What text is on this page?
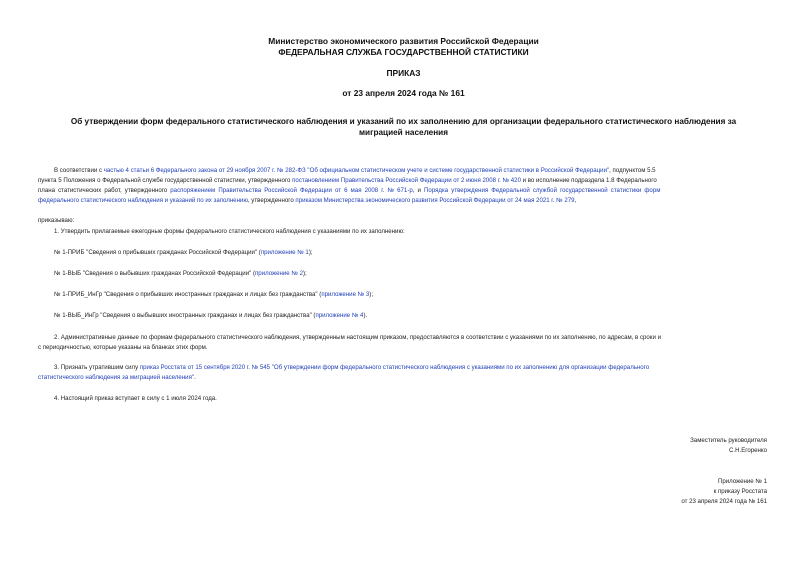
Министерство экономического развития Российской Федерации
ФЕДЕРАЛЬНАЯ СЛУЖБА ГОСУДАРСТВЕННОЙ СТАТИСТИКИ
ПРИКАЗ
от 23 апреля 2024 года № 161
Об утверждении форм федерального статистического наблюдения и указаний по их заполнению для организации федерального статистического наблюдения за
миграцией населения
В соответствии с частью 4 статьи 6 Федерального закона от 29 ноября 2007 г. № 282-ФЗ "Об официальном статистическом учете и системе государственной статистики в Российской Федерации", подпунктом 5.5
пункта 5 Положения о Федеральной службе государственной статистики, утвержденного постановлением Правительства Российской Федерации от 2 июня 2008 г. № 420 и во исполнение подраздела 1.8 Федерального
плана статистических работ, утвержденного распоряжением Правительства Российской Федерации от 6 мая 2008 г. № 671-р, и Порядка утверждения Федеральной службой государственной статистики форм
федерального статистического наблюдения и указаний по их заполнению, утвержденного приказом Министерства экономического развития Российской Федерации от 24 мая 2021 г. № 279,
приказываю:
1. Утвердить прилагаемые ежегодные формы федерального статистического наблюдения с указаниями по их заполнению:
№ 1-ПРИБ "Сведения о прибывших гражданах Российской Федерации" (приложение № 1);
№ 1-ВЫБ "Сведения о выбывших гражданах Российской Федерации" (приложение № 2);
№ 1-ПРИБ_ИнГр "Сведения о прибывших иностранных гражданах и лицах без гражданства" (приложение № 3);
№ 1-ВЫБ_ИнГр "Сведения о выбывших иностранных гражданах и лицах без гражданства" (приложение № 4).
2. Административные данные по формам федерального статистического наблюдения, утвержденным настоящим приказом, предоставляются в соответствии с указаниями по их заполнению, по адресам, в сроки и
с периодичностью, которые указаны на бланках этих форм.
3. Признать утратившим силу приказ Росстата от 15 сентября 2020 г. № 545 "Об утверждении форм федерального статистического наблюдения с указаниями по их заполнению для организации федерального
статистического наблюдения за миграцией населения".
4. Настоящий приказ вступает в силу с 1 июля 2024 года.
Заместитель руководителя
С.Н.Егоренко
Приложение № 1
к приказу Росстата
от 23 апреля 2024 года № 161
